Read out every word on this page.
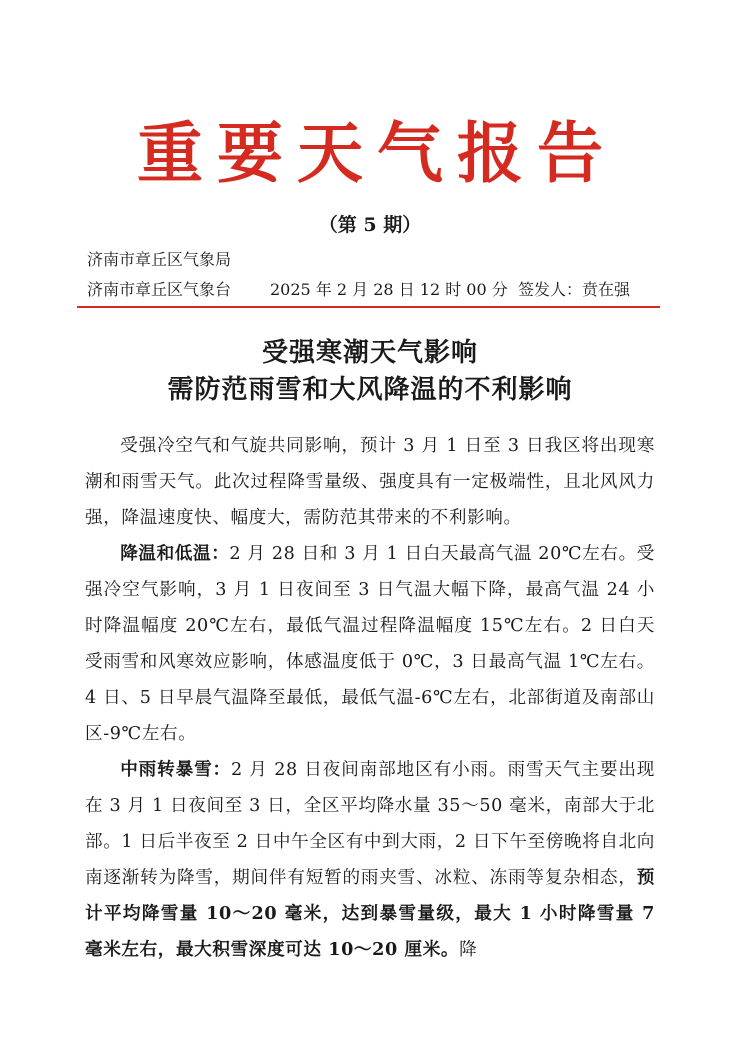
重要天气报告
（第 5 期）
济南市章丘区气象局
济南市章丘区气象台 2025 年 2 月 28 日 12 时 00 分 签发人：贲在强
受强寒潮天气影响
需防范雨雪和大风降温的不利影响

受强冷空气和气旋共同影响，预计 3 月 1 日至 3 日我区将出现寒潮和雨雪天气。此次过程降雪量级、强度具有一定极端性，且北风风力强，降温速度快、幅度大，需防范其带来的不利影响。

降温和低温：2 月 28 日和 3 月 1 日白天最高气温 20℃左右。受强冷空气影响，3 月 1 日夜间至 3 日气温大幅下降，最高气温 24 小时降温幅度 20℃左右，最低气温过程降温幅度 15℃左右。2 日白天受雨雪和风寒效应影响，体感温度低于 0℃，3 日最高气温 1℃左右。4 日、5 日早晨气温降至最低，最低气温-6℃左右，北部街道及南部山区-9℃左右。

中雨转暴雪：2 月 28 日夜间南部地区有小雨。雨雪天气主要出现在 3 月 1 日夜间至 3 日，全区平均降水量 35～50 毫米，南部大于北部。1 日后半夜至 2 日中午全区有中到大雨，2 日下午至傍晚将自北向南逐渐转为降雪，期间伴有短暂的雨夹雪、冰粒、冻雨等复杂相态，预计平均降雪量 10～20 毫米，达到暴雪量级，最大 1 小时降雪量 7 毫米左右，最大积雪深度可达 10～20 厘米。降
